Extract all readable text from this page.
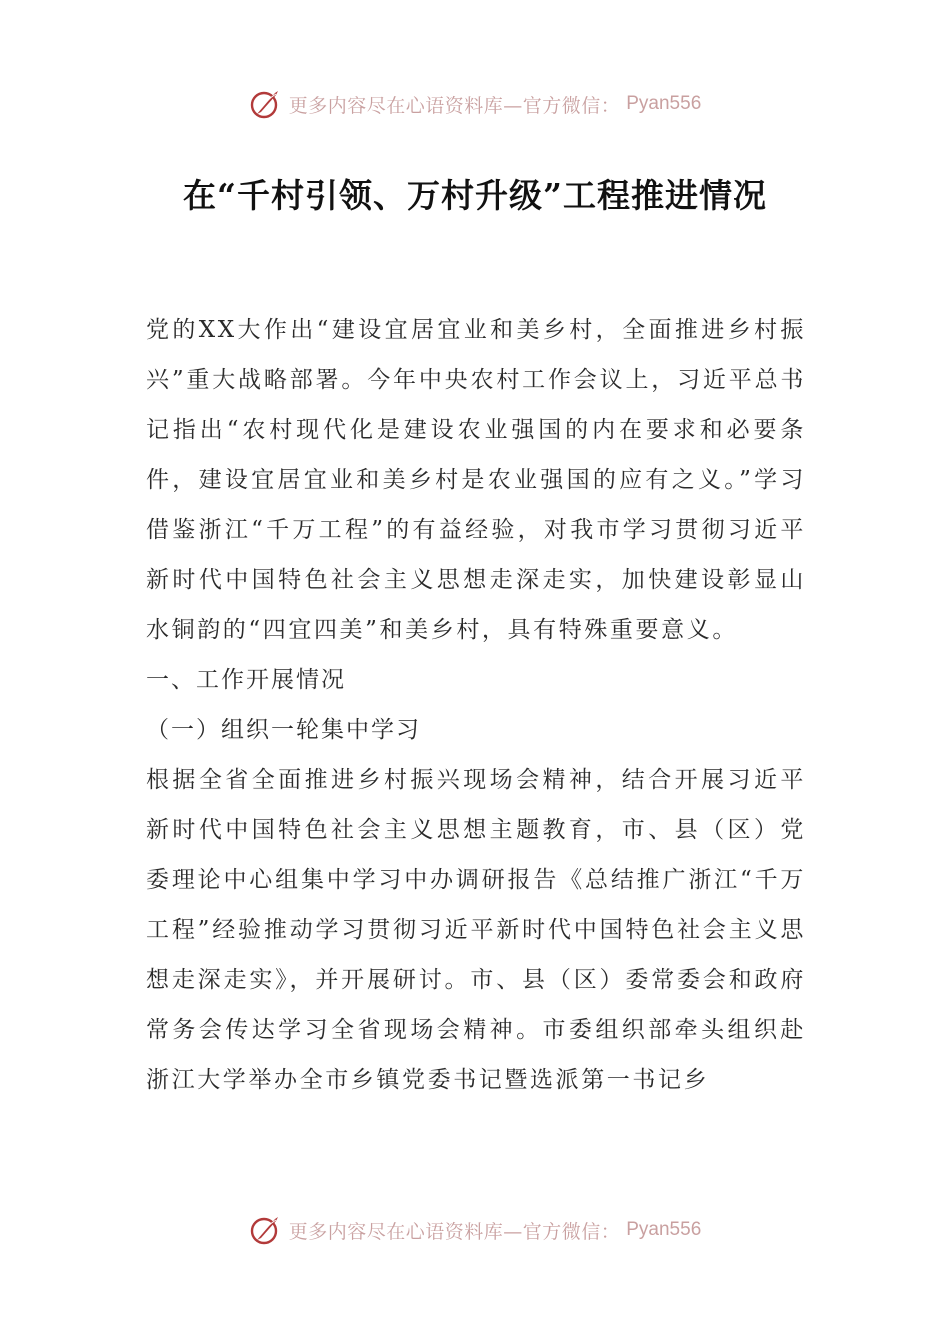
更多内容尽在心语资料库—官方微信： Pyan556
在“千村引领、万村升级”工程推进情况

党的XX大作出“建设宜居宜业和美乡村，全面推进乡村振兴”重大战略部署。今年中央农村工作会议上，习近平总书记指出“农村现代化是建设农业强国的内在要求和必要条件，建设宜居宜业和美乡村是农业强国的应有之义。”学习借鉴浙江“千万工程”的有益经验，对我市学习贯彻习近平新时代中国特色社会主义思想走深走实，加快建设彰显山水铜韵的“四宜四美”和美乡村，具有特殊重要意义。

一、工作开展情况

（一）组织一轮集中学习

根据全省全面推进乡村振兴现场会精神，结合开展习近平新时代中国特色社会主义思想主题教育，市、县（区）党委理论中心组集中学习中办调研报告《总结推广浙江“千万工程”经验推动学习贯彻习近平新时代中国特色社会主义思想走深走实》，并开展研讨。市、县（区）委常委会和政府常务会传达学习全省现场会精神。市委组织部牵头组织赴浙江大学举办全市乡镇党委书记暨选派第一书记乡

更多内容尽在心语资料库—官方微信： Pyan556
